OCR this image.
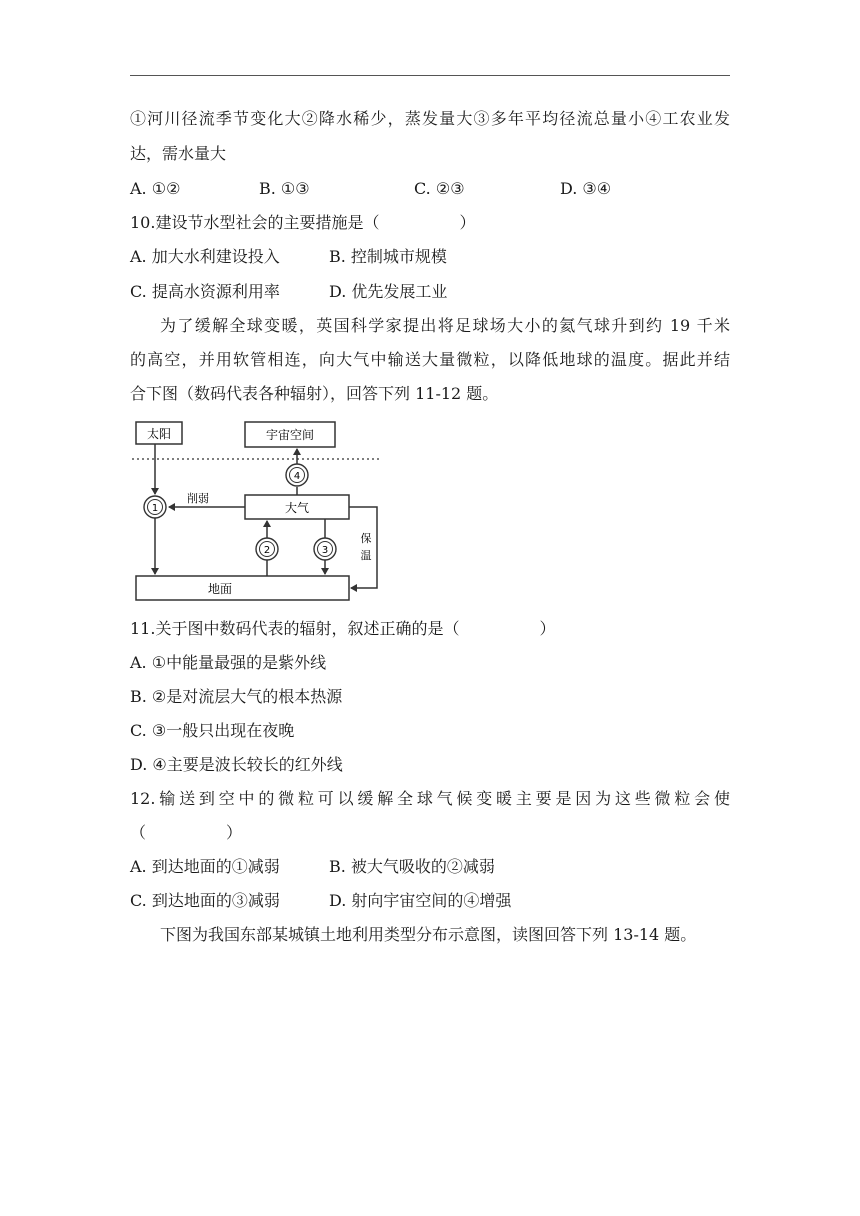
①河川径流季节变化大②降水稀少，蒸发量大③多年平均径流总量小④工农业发
达，需水量大
A. ①②	B. ①③	C. ②③	D. ③④
10.建设节水型社会的主要措施是（　　　　　）
A. 加大水利建设投入	B. 控制城市规模
C. 提高水资源利用率	D. 优先发展工业
为了缓解全球变暖，英国科学家提出将足球场大小的氦气球升到约 19 千米
的高空，并用软管相连，向大气中输送大量微粒，以降低地球的温度。据此并结
合下图（数码代表各种辐射），回答下列 11-12 题。
太阳	宇宙空间
大气
地面
1
削弱
4
2	3
保
温
11.关于图中数码代表的辐射，叙述正确的是（　　　　　）
A. ①中能量最强的是紫外线
B. ②是对流层大气的根本热源
C. ③一般只出现在夜晚
D. ④主要是波长较长的红外线
12.输送到空中的微粒可以缓解全球气候变暖主要是因为这些微粒会使
（　　　　　）
A. 到达地面的①减弱	B. 被大气吸收的②减弱
C. 到达地面的③减弱	D. 射向宇宙空间的④增强
下图为我国东部某城镇土地利用类型分布示意图，读图回答下列 13-14 题。
